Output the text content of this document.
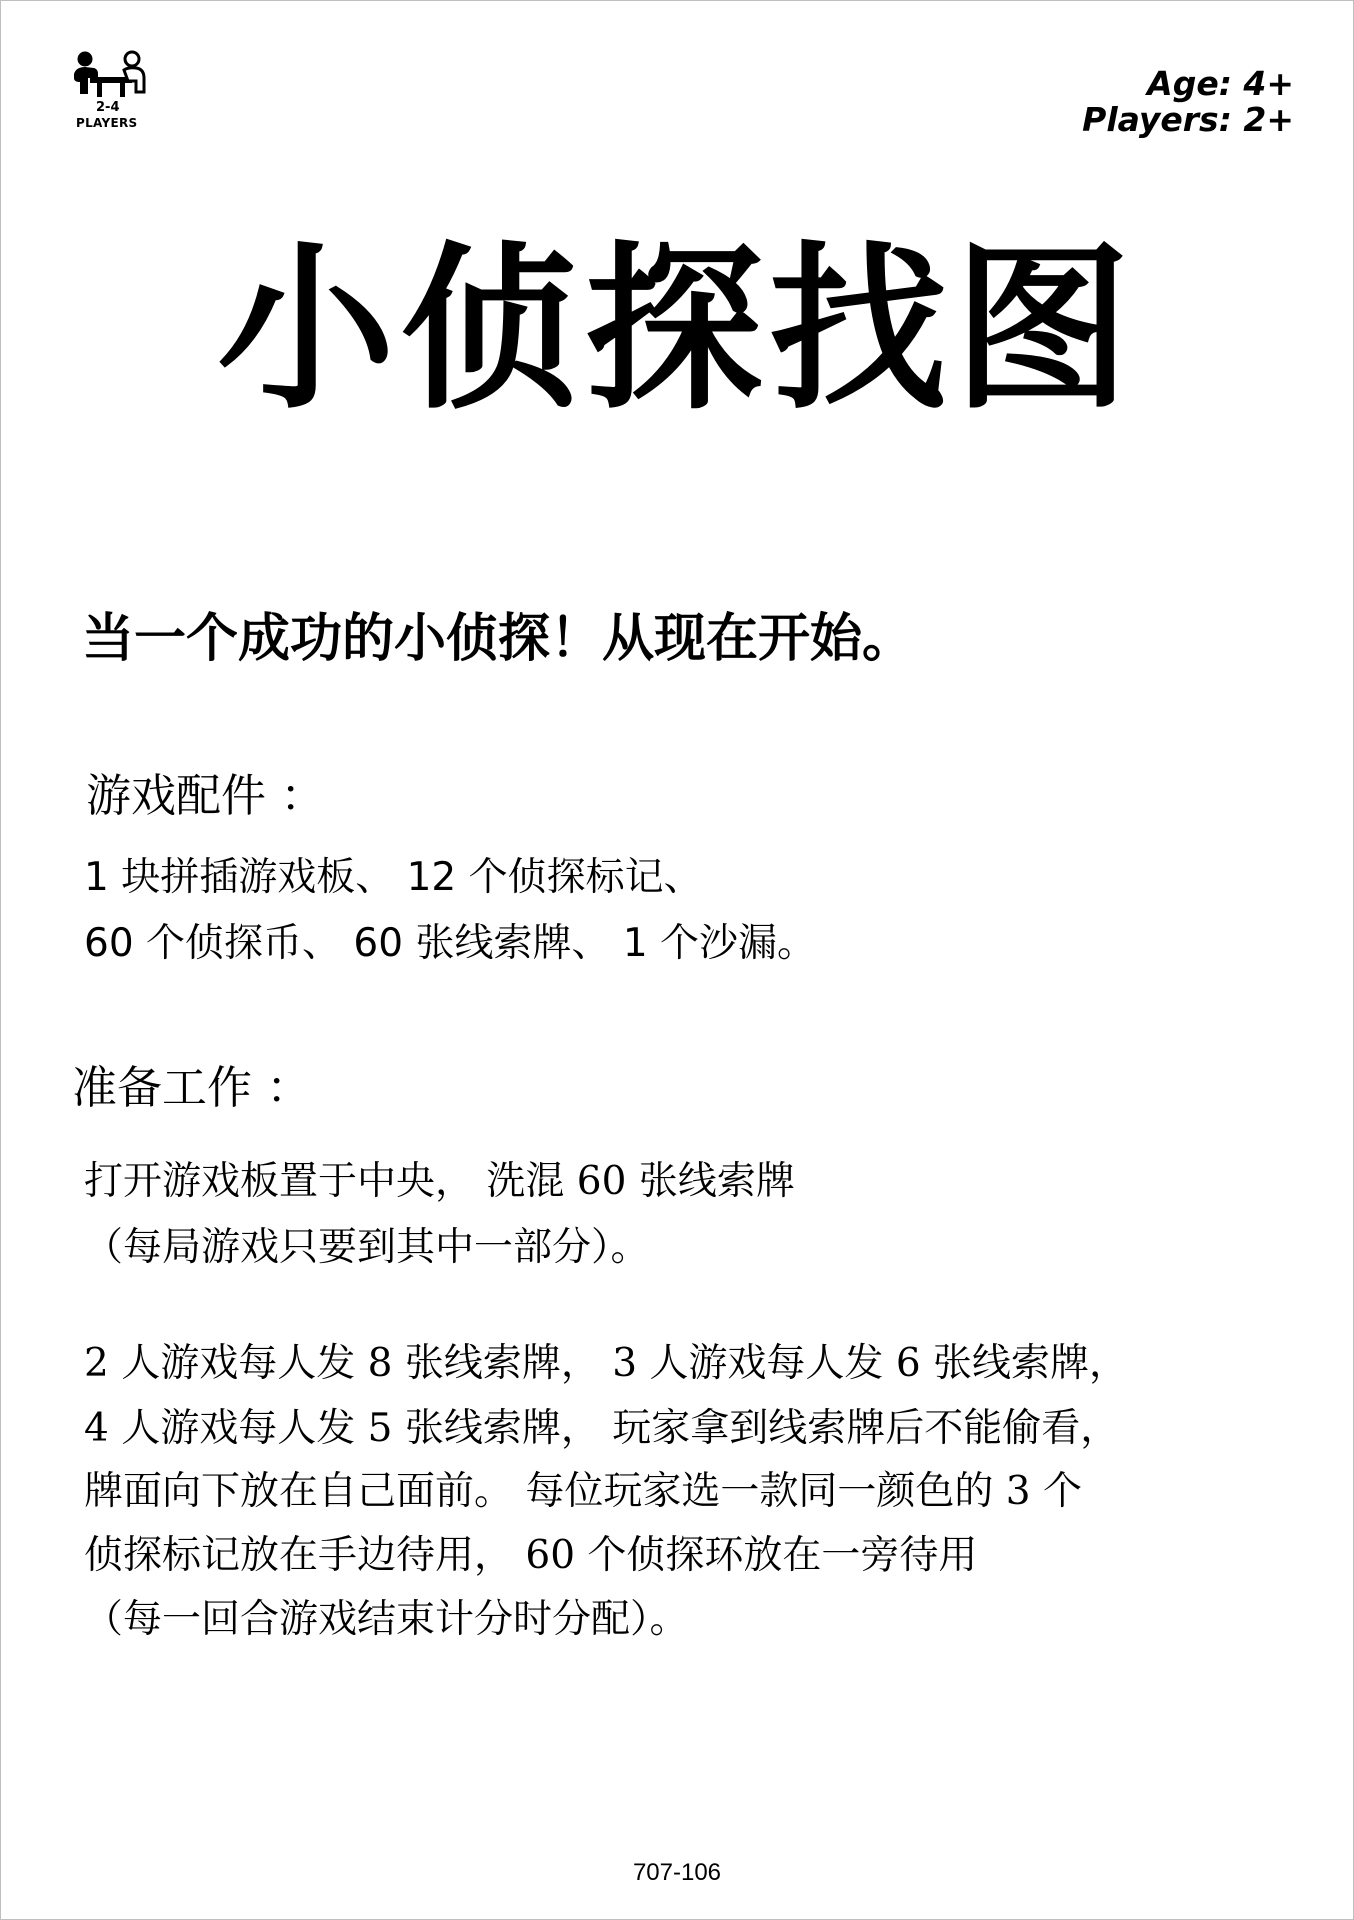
2-4
PLAYERS
Age: 4+
Players: 2+
小侦探找图
当一个成功的小侦探！从现在开始。
游戏配件 ：
1 块拼插游戏板、 12 个侦探标记、
60 个侦探币、 60 张线索牌、 1 个沙漏。
准备工作 ：
打开游戏板置于中央， 洗混 60 张线索牌
（每局游戏只要到其中一部分）。
2 人游戏每人发 8 张线索牌， 3 人游戏每人发 6 张线索牌，
4 人游戏每人发 5 张线索牌， 玩家拿到线索牌后不能偷看，
牌面向下放在自己面前。 每位玩家选一款同一颜色的 3 个
侦探标记放在手边待用， 60 个侦探环放在一旁待用
（每一回合游戏结束计分时分配）。
707-106
